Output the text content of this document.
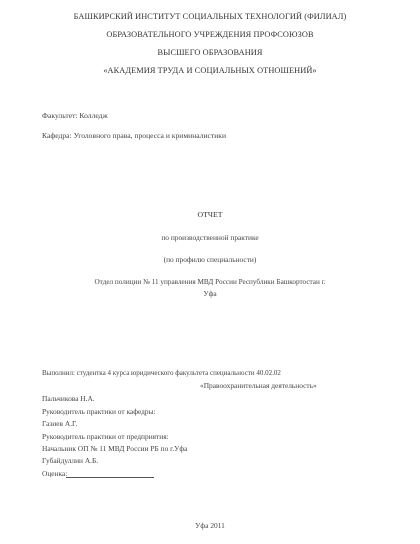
БАШКИРСКИЙ ИНСТИТУТ СОЦИАЛЬНЫХ ТЕХНОЛОГИЙ (ФИЛИАЛ)
ОБРАЗОВАТЕЛЬНОГО УЧРЕЖДЕНИЯ ПРОФСОЮЗОВ
ВЫСШЕГО ОБРАЗОВАНИЯ
«АКАДЕМИЯ ТРУДА И СОЦИАЛЬНЫХ ОТНОШЕНИЙ»
Факультет: Колледж
Кафедра: Уголовного права, процесса и криминалистики
ОТЧЕТ
по производственной практике
(по профилю специальности)
Отдел полиции № 11 управления МВД России Республики Башкортостан г.
Уфа
Выполнил: студентка 4 курса юридического факультета специальности 40.02.02
«Правоохранительная деятельность»
Пальчикова Н.А.
Руководитель практики от кафедры:
Газиев А.Г.
Руководитель практики от предприятия:
Начальник ОП № 11 МВД России РБ по г.Уфа
Губайдуллин А.Б.
Оценка:
Уфа 2011
